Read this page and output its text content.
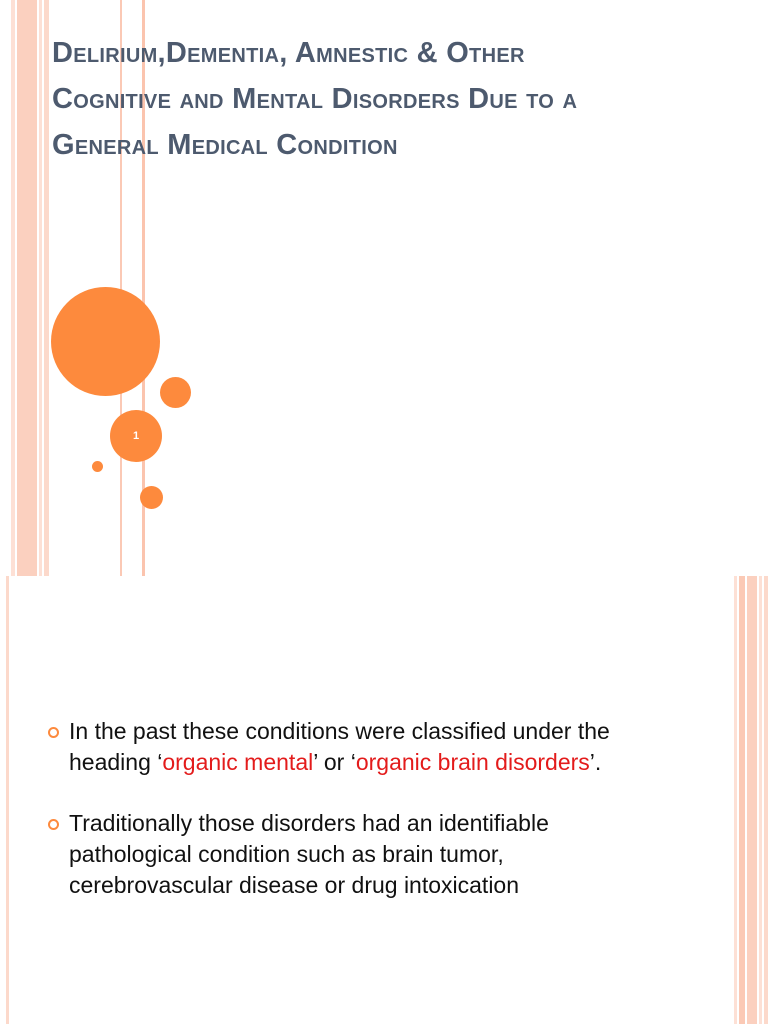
Delirium,Dementia, Amnestic & Other Cognitive and Mental Disorders Due to a General Medical Condition
1
In the past these conditions were classified under the heading ‘organic mental’ or ‘organic brain disorders’.
Traditionally those disorders had an identifiable pathological condition such as brain tumor, cerebrovascular disease or drug intoxication
